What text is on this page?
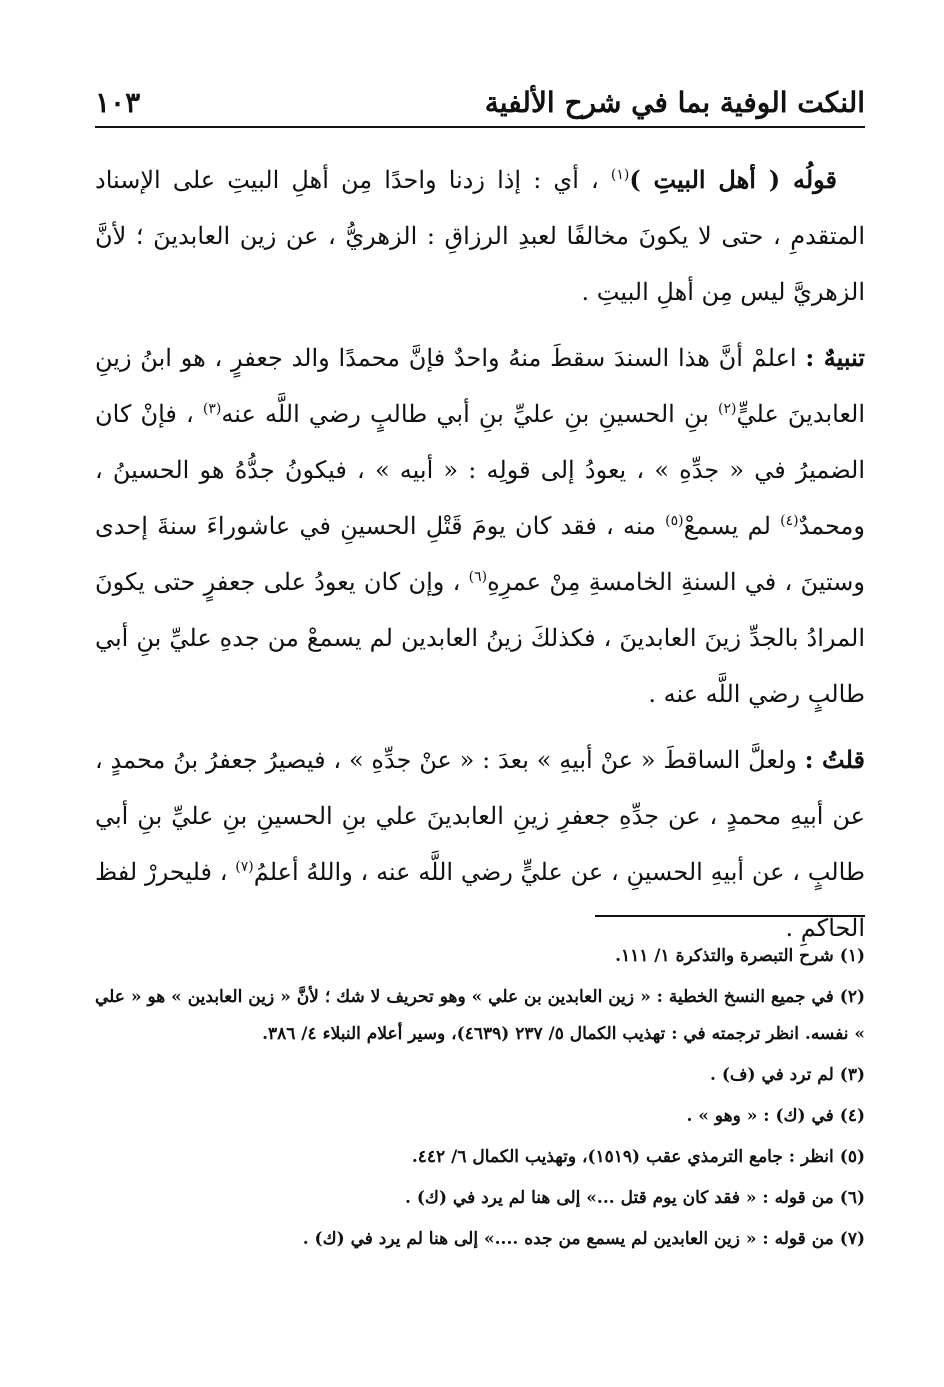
النكت الوفية بما في شرح الألفية
١٠٣

قولُه ( أهل البيتِ )$^{(١)}$ ، أي : إذا زدنا واحدًا مِن أهلِ البيتِ على الإسناد المتقدمِ ، حتى لا يكونَ مخالفًا لعبدِ الرزاقِ : الزهريُّ ، عن زين العابدينَ ؛ لأنَّ الزهريَّ ليس مِن أهلِ البيتِ .

تنبيهٌ : اعلمْ أنَّ هذا السندَ سقطَ منهُ واحدٌ فإنَّ محمدًا والد جعفرٍ ، هو ابنُ زينِ العابدينَ عليٍّ$^{(٢)}$ بنِ الحسينِ بنِ عليِّ بنِ أبي طالبٍ رضي اللَّه عنه$^{(٣)}$ ، فإنْ كان الضميرُ في « جدِّهِ » ، يعودُ إلى قولِه : « أبيه » ، فيكونُ جدُّهُ هو الحسينُ ، ومحمدٌ$^{(٤)}$ لم يسمعْ$^{(٥)}$ منه ، فقد كان يومَ قَتْلِ الحسينِ في عاشوراءَ سنةَ إحدى وستينَ ، في السنةِ الخامسةِ مِنْ عمرِهِ$^{(٦)}$ ، وإن كان يعودُ على جعفرٍ حتى يكونَ المرادُ بالجدِّ زينَ العابدينَ ، فكذلكَ زينُ العابدين لم يسمعْ من جدهِ عليِّ بنِ أبي طالبٍ رضي اللَّه عنه .

قلتُ : ولعلَّ الساقطَ « عنْ أبيهِ » بعدَ : « عنْ جدِّهِ » ، فيصيرُ جعفرُ بنُ محمدٍ ، عن أبيهِ محمدٍ ، عن جدِّهِ جعفرِ زينِ العابدينَ علي بنِ الحسينِ بنِ عليِّ بنِ أبي طالبٍ ، عن أبيهِ الحسينِ ، عن عليٍّ رضي اللَّه عنه ، واللهُ أعلمُ$^{(٧)}$ ، فليحررْ لفظ الحاكمِ .

(١)شرح التبصرة والتذكرة ١/ ١١١.

(٢)في جميع النسخ الخطية : « زين العابدين بن علي » وهو تحريف لا شك ؛ لأنَّ « زين العابدين » هو « علي » نفسه. انظر ترجمته في : تهذيب الكمال ٥/ ٢٣٧ (٤٦٣٩)، وسير أعلام النبلاء ٤/ ٣٨٦.

(٣)لم ترد في (ف) .

(٤)في (ك) : « وهو » .

(٥)انظر : جامع الترمذي عقب (١٥١٩)، وتهذيب الكمال ٦/ ٤٤٢.

(٦)من قوله : « فقد كان يوم قتل ...» إلى هنا لم يرد في (ك) .

(٧)من قوله : « زين العابدين لم يسمع من جده ....» إلى هنا لم يرد في (ك) .
